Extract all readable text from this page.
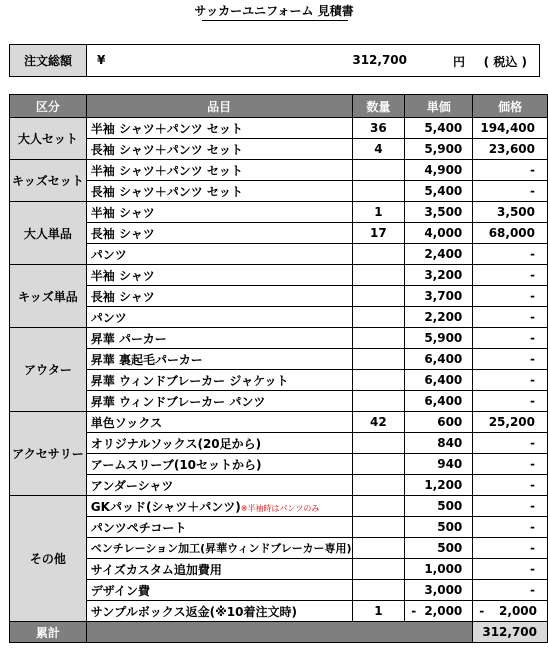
サッカーユニフォーム 見積書
注文総額	¥	312,700	円 ( 税込 )
区分	品目	数量	単価	価格
大人セット	半袖 シャツ＋パンツ セット	36	5,400	194,400
	長袖 シャツ＋パンツ セット	4	5,900	23,600
キッズセット	半袖 シャツ＋パンツ セット		4,900	-
	長袖 シャツ＋パンツ セット		5,400	-
大人単品	半袖 シャツ	1	3,500	3,500
	長袖 シャツ	17	4,000	68,000
	パンツ		2,400	-
キッズ単品	半袖 シャツ		3,200	-
	長袖 シャツ		3,700	-
	パンツ		2,200	-
アウター	昇華 パーカー		5,900	-
	昇華 裏起毛パーカー		6,400	-
	昇華 ウィンドブレーカー ジャケット		6,400	-
	昇華 ウィンドブレーカー パンツ		6,400	-
アクセサリー	単色ソックス	42	600	25,200
	オリジナルソックス(20足から)		840	-
	アームスリーブ(10セットから)		940	-
	アンダーシャツ		1,200	-
その他	GKパッド(シャツ＋パンツ)※半袖時はパンツのみ		500	-
	パンツペチコート		500	-
	ベンチレーション加工(昇華ウィンドブレーカー専用)		500	-
	サイズカスタム追加費用		1,000	-
	デザイン費		3,000	-
	サンプルボックス返金(※10着注文時)	1	- 2,000	- 2,000

累計				312,700
